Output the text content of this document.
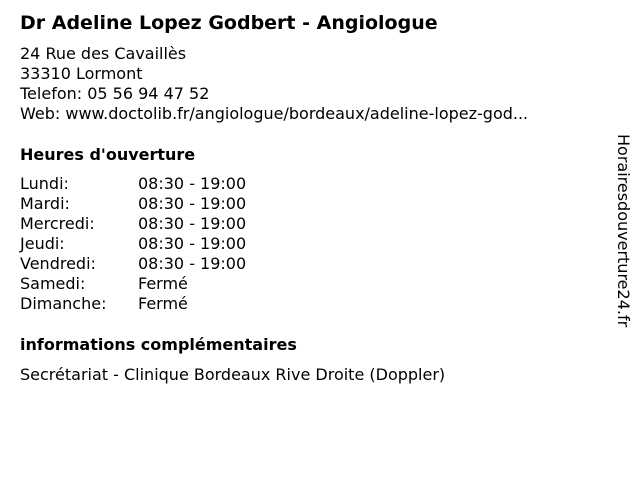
Dr Adeline Lopez Godbert - Angiologue
24 Rue des Cavaillès
33310 Lormont
Telefon: 05 56 94 47 52
Web: www.doctolib.fr/angiologue/bordeaux/adeline-lopez-god...
Heures d'ouverture
Lundi:	08:30 - 19:00
Mardi:	08:30 - 19:00
Mercredi:	08:30 - 19:00
Jeudi:	08:30 - 19:00
Vendredi:	08:30 - 19:00
Samedi:	Fermé
Dimanche: Fermé
informations complémentaires
Secrétariat - Clinique Bordeaux Rive Droite (Doppler)
Horairesdouverture24.fr
